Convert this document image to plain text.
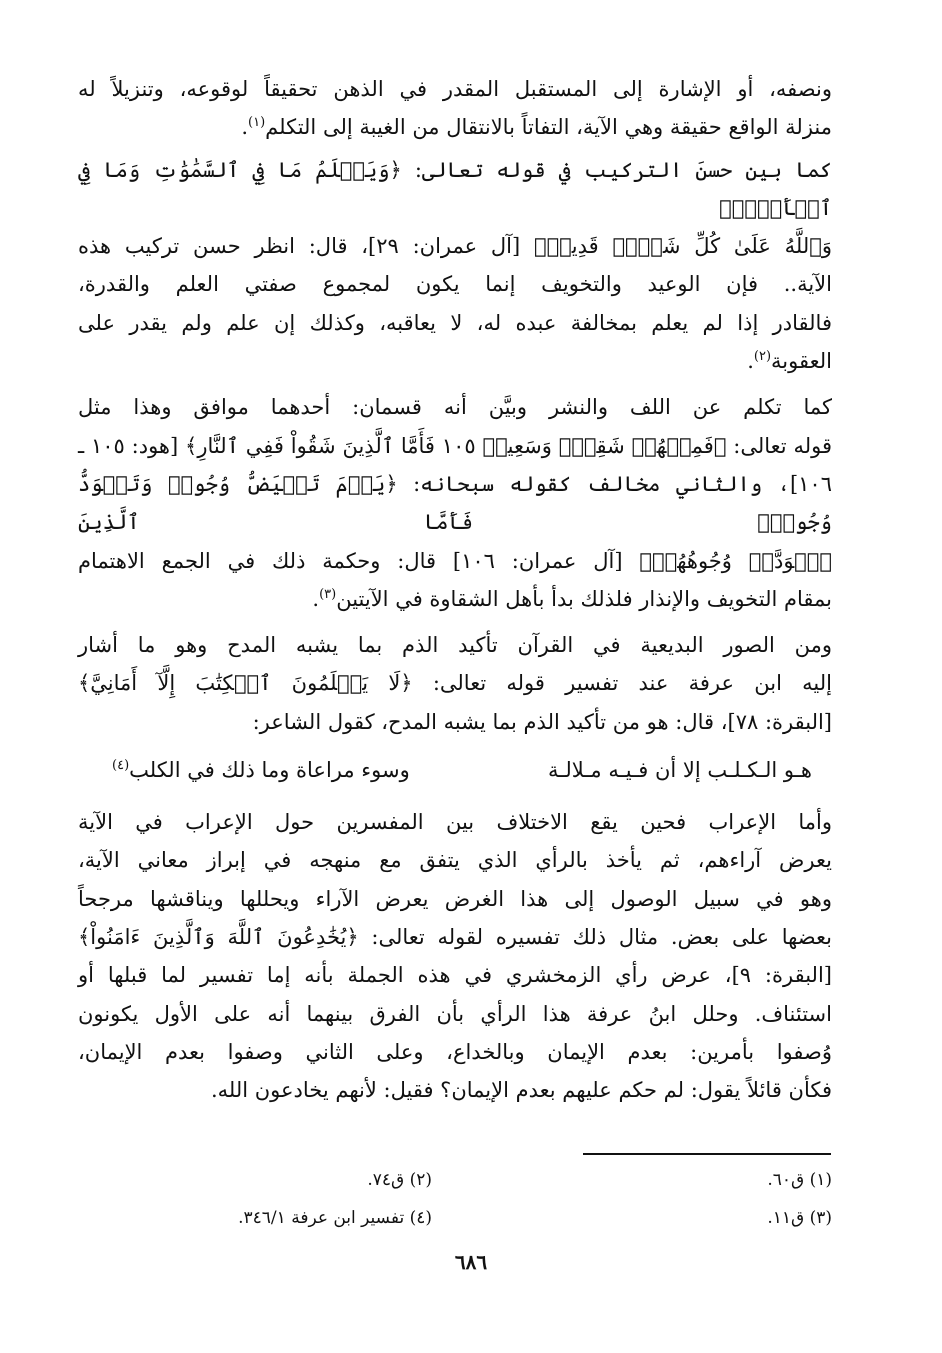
ونصفه، أو الإشارة إلى المستقبل المقدر في الذهن تحقيقاً لوقوعه، وتنزيلاً له
منزلة الواقع حقيقة وهي الآية، التفاتاً بالانتقال من الغيبة إلى التكلم$^{(١)}$.

كما بين حسنَ التركيب في قوله تعالى: ﴿وَيَعۡلَمُ مَا فِي ٱلسَّمَٰوَٰتِ وَمَا فِي ٱلۡأَرۡضِۗ
وَٱللَّهُ عَلَىٰ كُلِّ شَيۡءٖ قَدِيرٞ﴾ [آل عمران: ٢٩]، قال: انظر حسن تركيب هذه
الآية.. فإن الوعيد والتخويف إنما يكون لمجموع صفتي العلم والقدرة،
فالقادر إذا لم يعلم بمخالفة عبده له، لا يعاقبه، وكذلك إن علم ولم يقدر على
العقوبة$^{(٢)}$.

كما تكلم عن اللف والنشر وبيَّن أنه قسمان: أحدهما موافق وهذا مثل
قوله تعالى: ﴿فَمِنۡهُمۡ شَقِيّٞ وَسَعِيدٞ ١٠٥ فَأَمَّا ٱلَّذِينَ شَقُواْ فَفِي ٱلنَّارِ﴾ [هود: ١٠٥ ـ
١٠٦]، والثاني مخالف كقوله سبحانه: ﴿يَوۡمَ تَبۡيَضُّ وُجُوهٞ وَتَسۡوَدُّ وُجُوهٞۚ فَأَمَّا ٱلَّذِينَ
ٱسۡوَدَّتۡ وُجُوهُهُمۡ﴾ [آل عمران: ١٠٦] قال: وحكمة ذلك في الجمع الاهتمام
بمقام التخويف والإنذار فلذلك بدأ بأهل الشقاوة في الآيتين$^{(٣)}$.

ومن الصور البديعية في القرآن تأكيد الذم بما يشبه المدح وهو ما أشار
إليه ابن عرفة عند تفسير قوله تعالى: ﴿لَا يَعۡلَمُونَ ٱلۡكِتَٰبَ إِلَّآ أَمَانِيَّ﴾
[البقرة: ٧٨]، قال: هو من تأكيد الذم بما يشبه المدح، كقول الشاعر:

هـو الـكـلـب إلا أن فـيـه مـلالـة
وسوء مراعاة وما ذلك في الكلب$^{(٤)}$

وأما الإعراب فحين يقع الاختلاف بين المفسرين حول الإعراب في الآية
يعرض آراءهم، ثم يأخذ بالرأي الذي يتفق مع منهجه في إبراز معاني الآية،
وهو في سبيل الوصول إلى هذا الغرض يعرض الآراء ويحللها ويناقشها مرجحاً
بعضها على بعض. مثال ذلك تفسيره لقوله تعالى: ﴿يُخَٰدِعُونَ ٱللَّهَ وَٱلَّذِينَ ءَامَنُواْ﴾
[البقرة: ٩]، عرض رأي الزمخشري في هذه الجملة بأنه إما تفسير لما قبلها أو
استئناف. وحلل ابنُ عرفة هذا الرأي بأن الفرق بينهما أنه على الأول يكونون
وُصفوا بأمرين: بعدم الإيمان وبالخداع، وعلى الثاني وصفوا بعدم الإيمان،
فكأن قائلاً يقول: لم حكم عليهم بعدم الإيمان؟ فقيل: لأنهم يخادعون الله.

(١) ق٦٠.
(٢) ق٧٤.
(٣) ق١١.
(٤) تفسير ابن عرفة ٣٤٦/١.
٦٨٦
